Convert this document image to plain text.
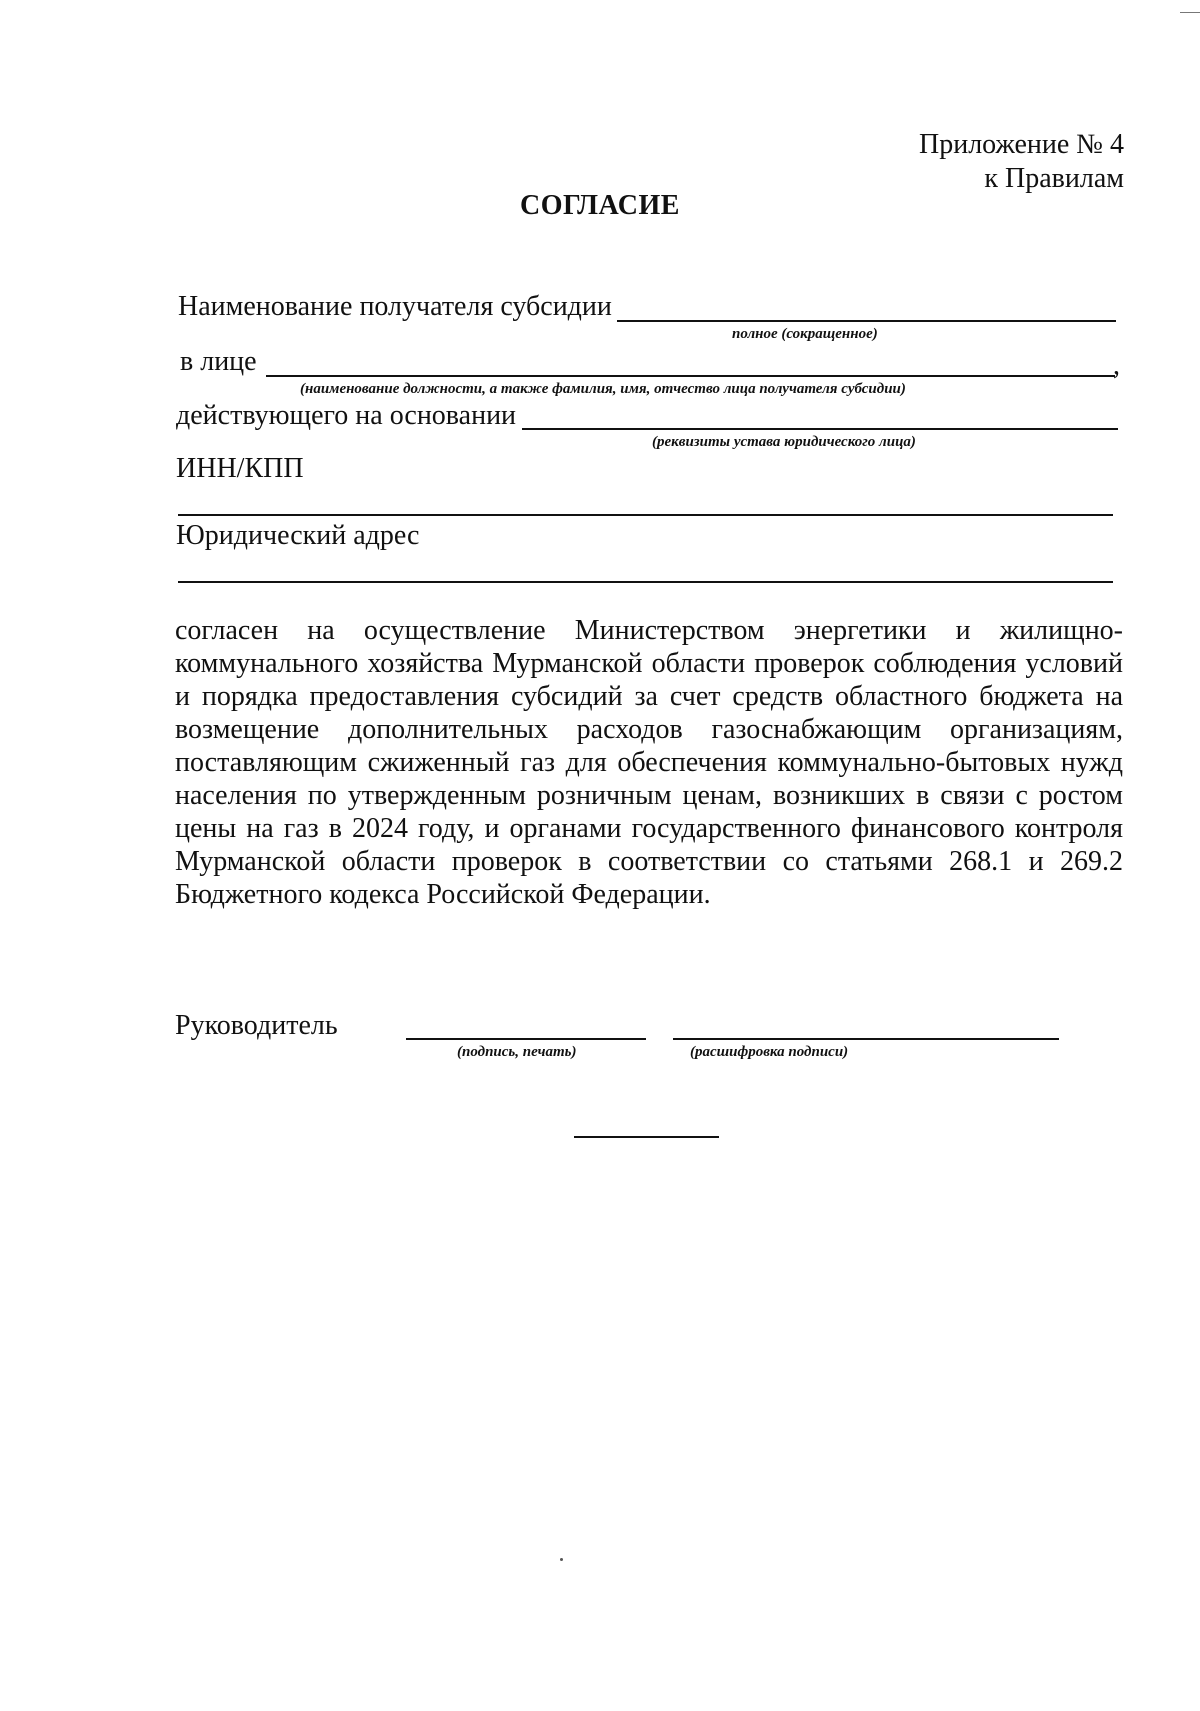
Приложение № 4
к Правилам
СОГЛАСИЕ
Наименование получателя субсидии
полное (сокращенное)
в лице	,
(наименование должности, а также фамилия, имя, отчество лица получателя субсидии)
действующего на основании
(реквизиты устава юридического лица)
ИНН/КПП
Юридический адрес
согласен на осуществление Министерством энергетики и жилищно-коммунального хозяйства Мурманской области проверок соблюдения условий и порядка предоставления субсидий за счет средств областного бюджета на возмещение дополнительных расходов газоснабжающим организациям, поставляющим сжиженный газ для обеспечения коммунально-бытовых нужд населения по утвержденным розничным ценам, возникших в связи с ростом цены на газ в 2024 году, и органами государственного финансового контроля Мурманской области проверок в соответствии со статьями 268.1 и 269.2 Бюджетного кодекса Российской Федерации.
Руководитель
(подпись, печать)	(расшифровка подписи)
